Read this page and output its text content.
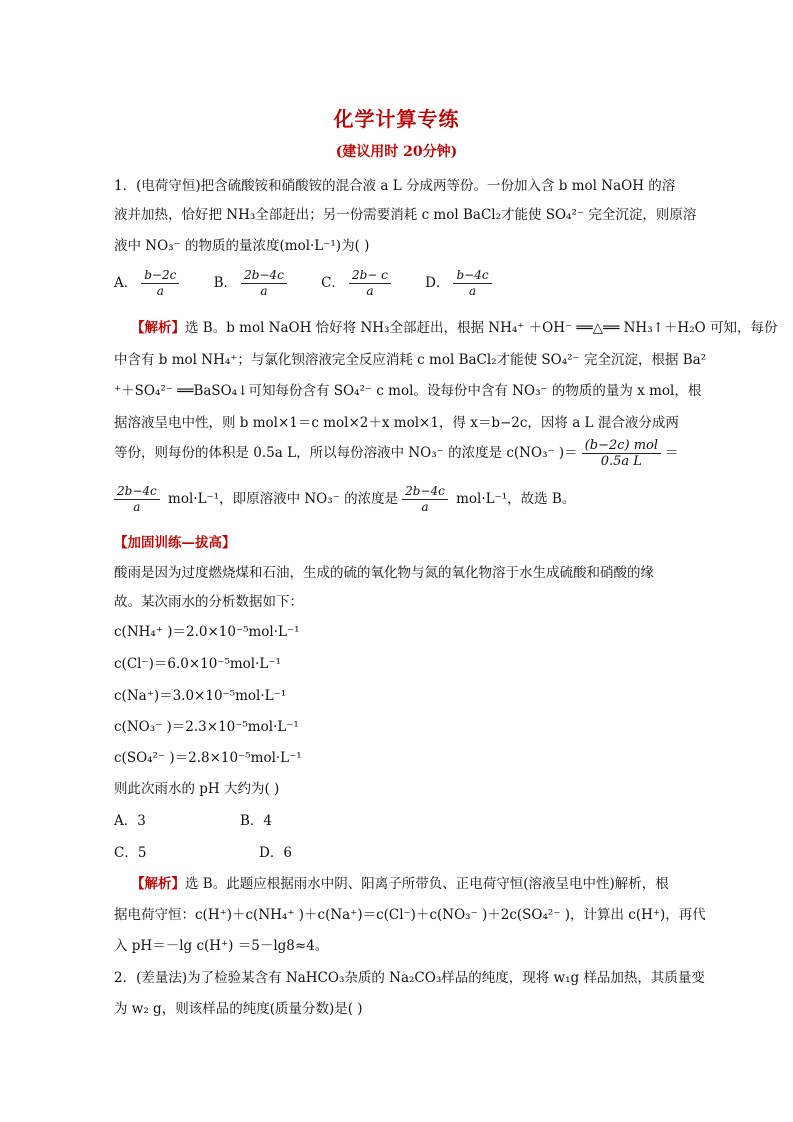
化学计算专练
(建议用时 20分钟)
1．(电荷守恒)把含硫酸铵和硝酸铵的混合液 a L 分成两等份。一份加入含 b mol NaOH 的溶
液并加热，恰好把 NH₃全部赶出；另一份需要消耗 c mol BaCl₂才能使 SO₄²⁻ 完全沉淀，则原溶
液中 NO₃⁻ 的物质的量浓度(mol·L⁻¹)为( )
A． $\frac{b-2c}{a}$	B． $\frac{2b-4c}{a}$	C． $\frac{2b- c}{a}$	D． $\frac{b-4c}{a}$
【解析】选 B。b mol NaOH 恰好将 NH₃全部赶出，根据 NH₄⁺ ＋OH⁻ ══△══ NH₃↑＋H₂O 可知，每份
中含有 b mol NH₄⁺；与氯化钡溶液完全反应消耗 c mol BaCl₂才能使 SO₄²⁻ 完全沉淀，根据 Ba²
⁺＋SO₄²⁻ ══BaSO₄↓可知每份含有 SO₄²⁻ c mol。设每份中含有 NO₃⁻ 的物质的量为 x mol，根
据溶液呈电中性，则 b mol×1＝c mol×2＋x mol×1，得 x＝b−2c，因将 a L 混合液分成两
等份，则每份的体积是 0.5a L，所以每份溶液中 NO₃⁻ 的浓度是 c(NO₃⁻ )＝ $\frac{\text{(b−2c) mol}}{\text{0.5a L}}$ ＝
$\frac{2b-4c}{a} mol\cdot L^{-1}$，即原溶液中 NO₃⁻ 的浓度是 $\frac{2b-4c}{a} mol\cdot L^{-1}$，故选 B。
【加固训练—拔高】
酸雨是因为过度燃烧煤和石油，生成的硫的氧化物与氮的氧化物溶于水生成硫酸和硝酸的缘
故。某次雨水的分析数据如下：
c(NH₄⁺ )＝2.0×10⁻⁵mol·L⁻¹
c(Cl⁻)＝6.0×10⁻⁵mol·L⁻¹
c(Na⁺)＝3.0×10⁻⁵mol·L⁻¹
c(NO₃⁻ )＝2.3×10⁻⁵mol·L⁻¹
c(SO₄²⁻ )＝2.8×10⁻⁵mol·L⁻¹
则此次雨水的 pH 大约为( )
A．3	B．4
C．5	D．6
【解析】选 B。此题应根据雨水中阴、阳离子所带负、正电荷守恒(溶液呈电中性)解析，根
据电荷守恒：c(H⁺)＋c(NH₄⁺ )＋c(Na⁺)＝c(Cl⁻)＋c(NO₃⁻ )＋2c(SO₄²⁻ )，计算出 c(H⁺)，再代
入 pH＝－lg c(H⁺) ＝5－lg8≈4。
2．(差量法)为了检验某含有 NaHCO₃杂质的 Na₂CO₃样品的纯度，现将 w₁g 样品加热，其质量变
为 w₂ g，则该样品的纯度(质量分数)是( )
